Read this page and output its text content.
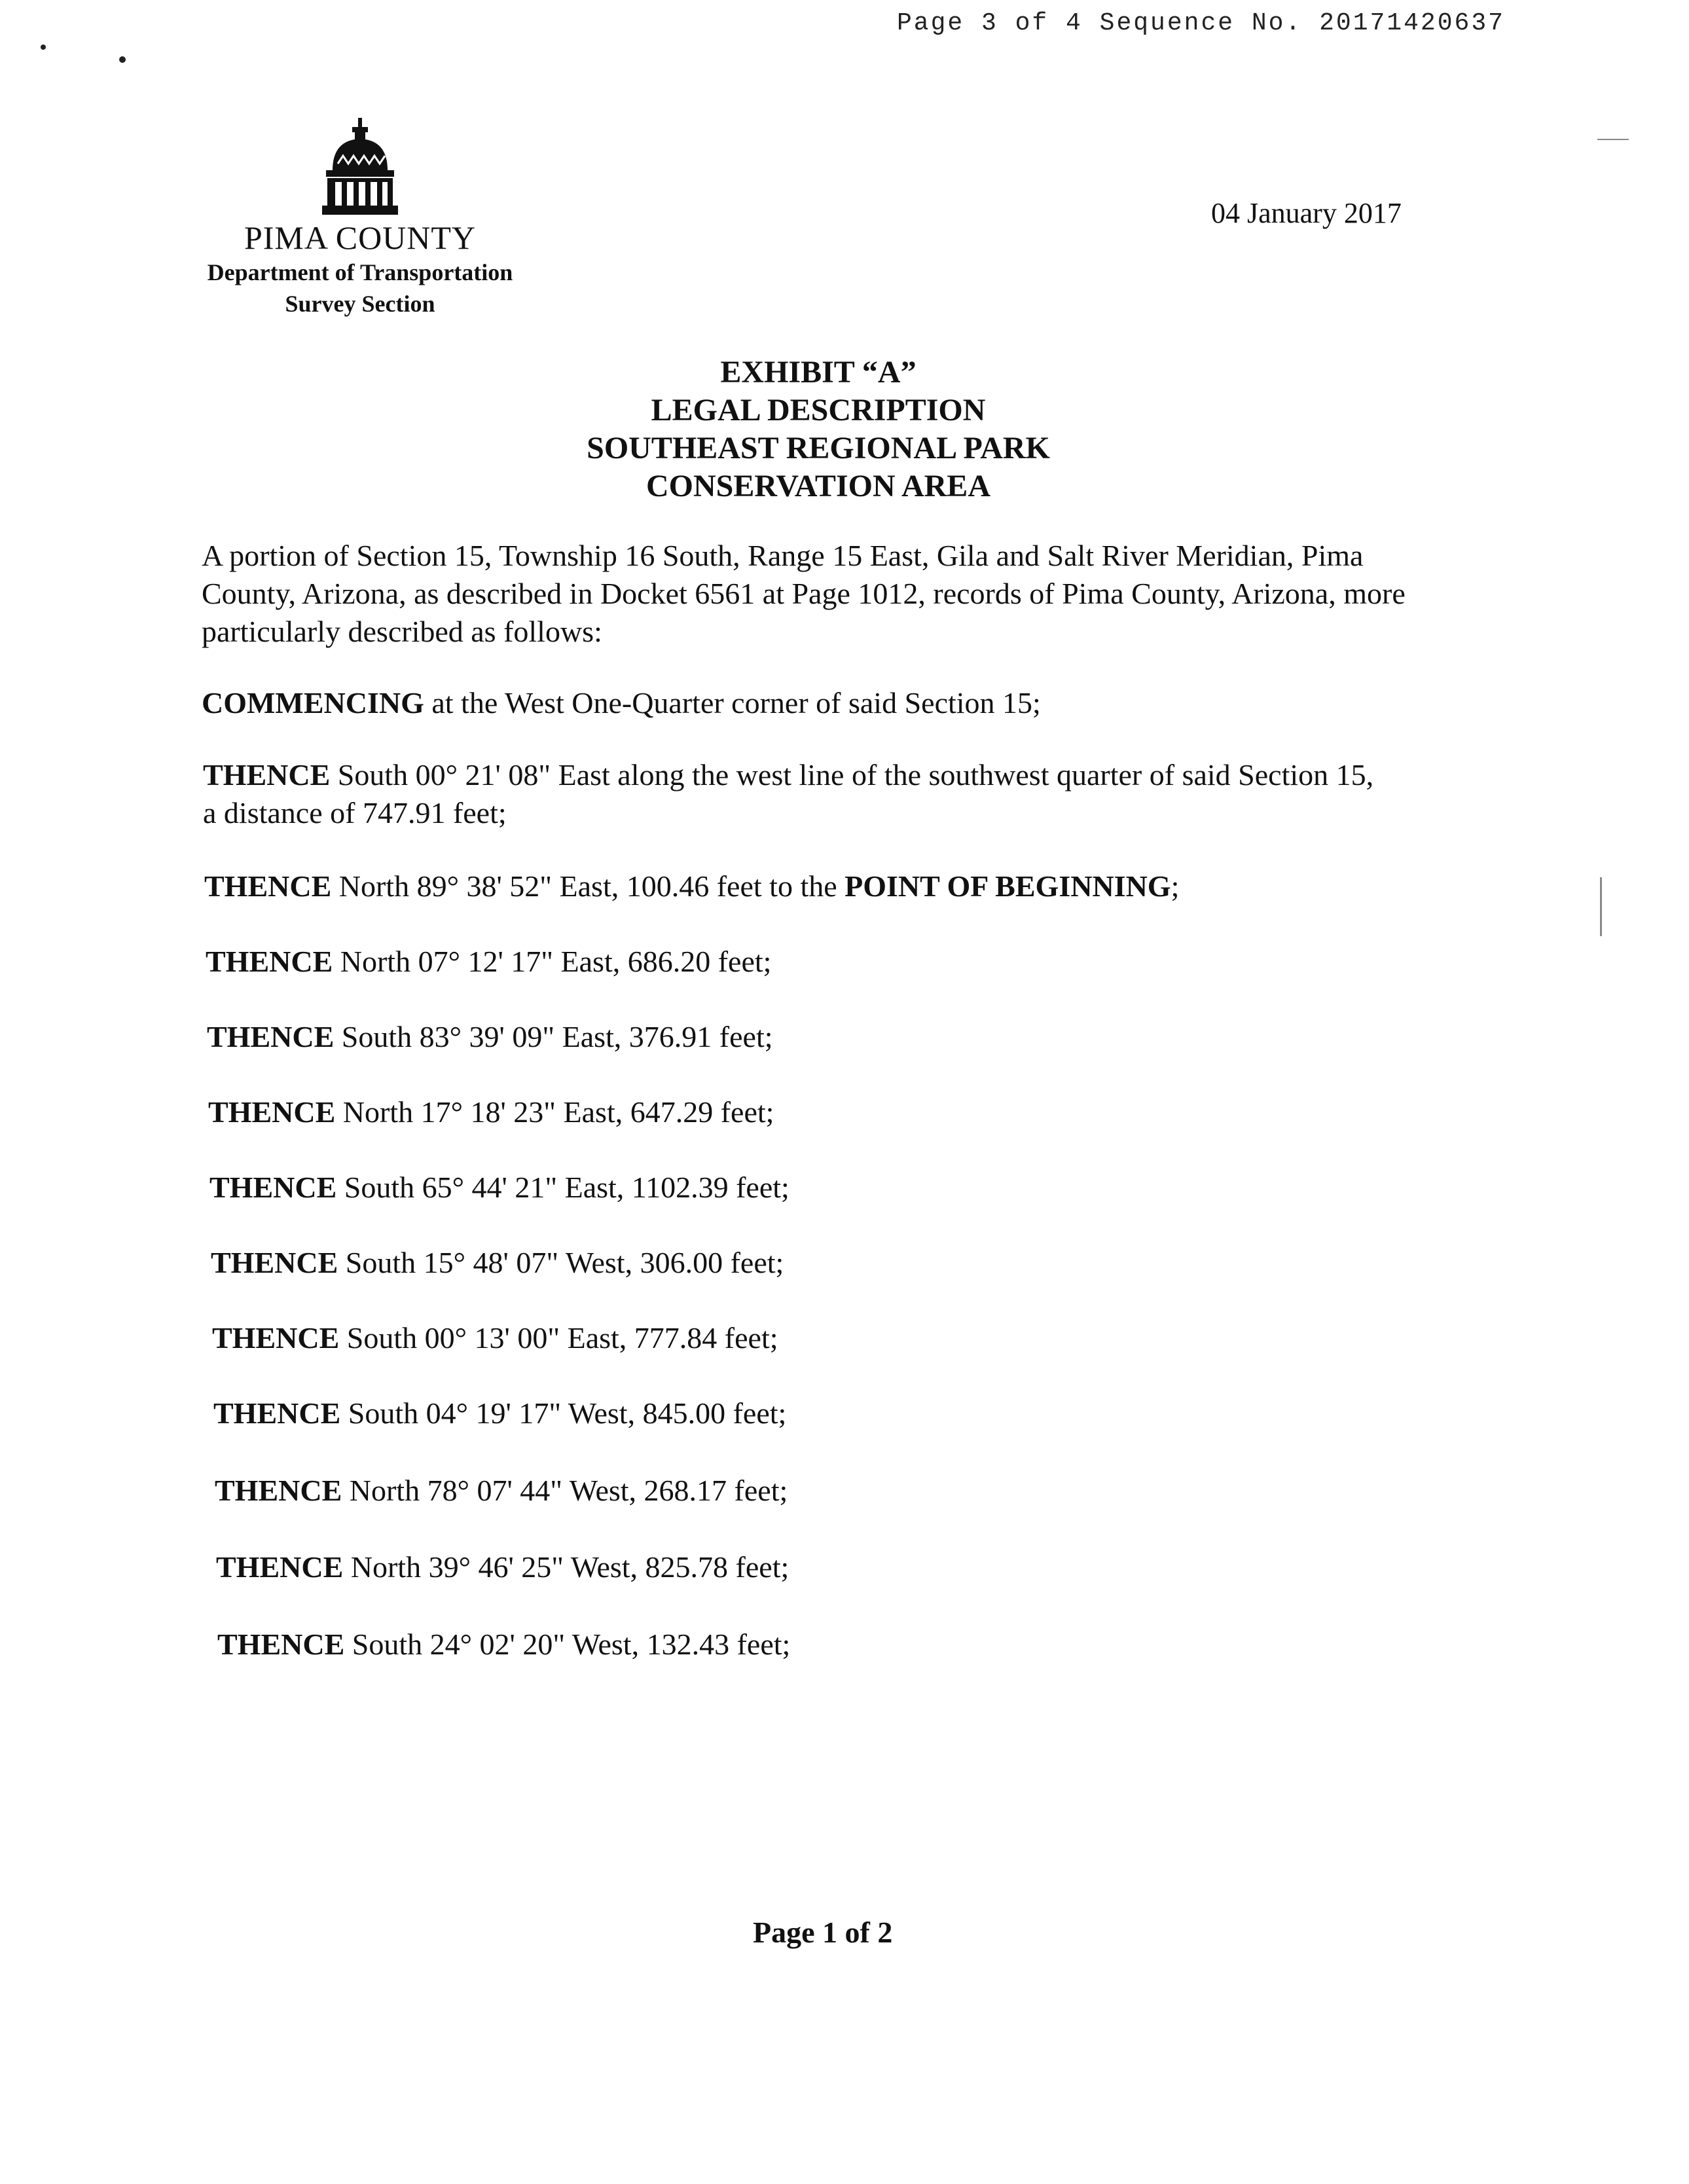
Page 3 of 4 Sequence No. 20171420637
PIMA COUNTY
Department of Transportation
Survey Section
04 January 2017
EXHIBIT “A”
LEGAL DESCRIPTION
SOUTHEAST REGIONAL PARK
CONSERVATION AREA
A portion of Section 15, Township 16 South, Range 15 East, Gila and Salt River Meridian, Pima County, Arizona, as described in Docket 6561 at Page 1012, records of Pima County, Arizona, more particularly described as follows:
COMMENCING at the West One-Quarter corner of said Section 15;
THENCE South 00° 21' 08" East along the west line of the southwest quarter of said Section 15,
a distance of 747.91 feet;
THENCE North 89° 38' 52" East, 100.46 feet to the POINT OF BEGINNING;
THENCE North 07° 12' 17" East, 686.20 feet;
THENCE South 83° 39' 09" East, 376.91 feet;
THENCE North 17° 18' 23" East, 647.29 feet;
THENCE South 65° 44' 21" East, 1102.39 feet;
THENCE South 15° 48' 07" West, 306.00 feet;
THENCE South 00° 13' 00" East, 777.84 feet;
THENCE South 04° 19' 17" West, 845.00 feet;
THENCE North 78° 07' 44" West, 268.17 feet;
THENCE North 39° 46' 25" West, 825.78 feet;
THENCE South 24° 02' 20" West, 132.43 feet;
Page 1 of 2
